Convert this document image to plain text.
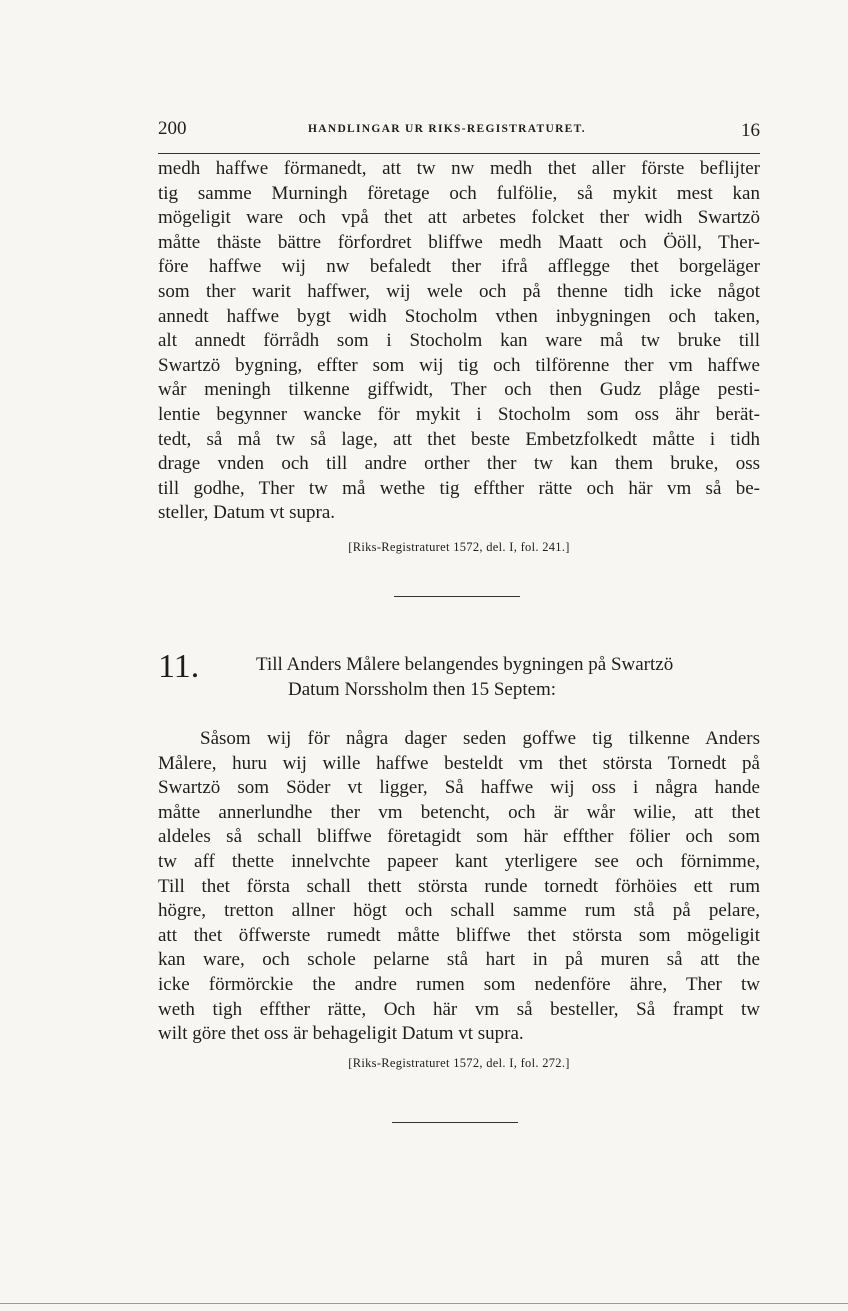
200	HANDLINGAR UR RIKS-REGISTRATURET.	16
medh haffwe förmanedt, att tw nw medh thet aller förste beflijter
tig samme Murningh företage och fulfölie, så mykit mest kan
mögeligit ware och vpå thet att arbetes folcket ther widh Swartzö
måtte thäste bättre förfordret bliffwe medh Maatt och Ööll, Ther-
före haffwe wij nw befaledt ther ifrå afflegge thet borgeläger
som ther warit haffwer, wij wele och på thenne tidh icke något
annedt haffwe bygt widh Stocholm vthen inbygningen och taken,
alt annedt förrådh som i Stocholm kan ware må tw bruke till
Swartzö bygning, effter som wij tig och tilförenne ther vm haffwe
wår meningh tilkenne giffwidt, Ther och then Gudz plåge pesti-
lentie begynner wancke för mykit i Stocholm som oss ähr berät-
tedt, så må tw så lage, att thet beste Embetzfolkedt måtte i tidh
drage vnden och till andre orther ther tw kan them bruke, oss
till godhe, Ther tw må wethe tig effther rätte och här vm så be-
steller, Datum vt supra.
[Riks-Registraturet 1572, del. I, fol. 241.]
11.	Till Anders Målere belangendes bygningen på Swartzö
Datum Norssholm then 15 Septem:
Såsom wij för några dager seden goffwe tig tilkenne Anders
Målere, huru wij wille haffwe besteldt vm thet största Tornedt på
Swartzö som Söder vt ligger, Så haffwe wij oss i några hande
måtte annerlundhe ther vm betencht, och är wår wilie, att thet
aldeles så schall bliffwe företagidt som här effther fölier och som
tw aff thette innelvchte papeer kant yterligere see och förnimme,
Till thet första schall thett största runde tornedt förhöies ett rum
högre, tretton allner högt och schall samme rum stå på pelare,
att thet öffwerste rumedt måtte bliffwe thet största som mögeligit
kan ware, och schole pelarne stå hart in på muren så att the
icke förmörckie the andre rumen som nedenföre ähre, Ther tw
weth tigh effther rätte, Och här vm så besteller, Så frampt tw
wilt göre thet oss är behageligit Datum vt supra.
[Riks-Registraturet 1572, del. I, fol. 272.]
